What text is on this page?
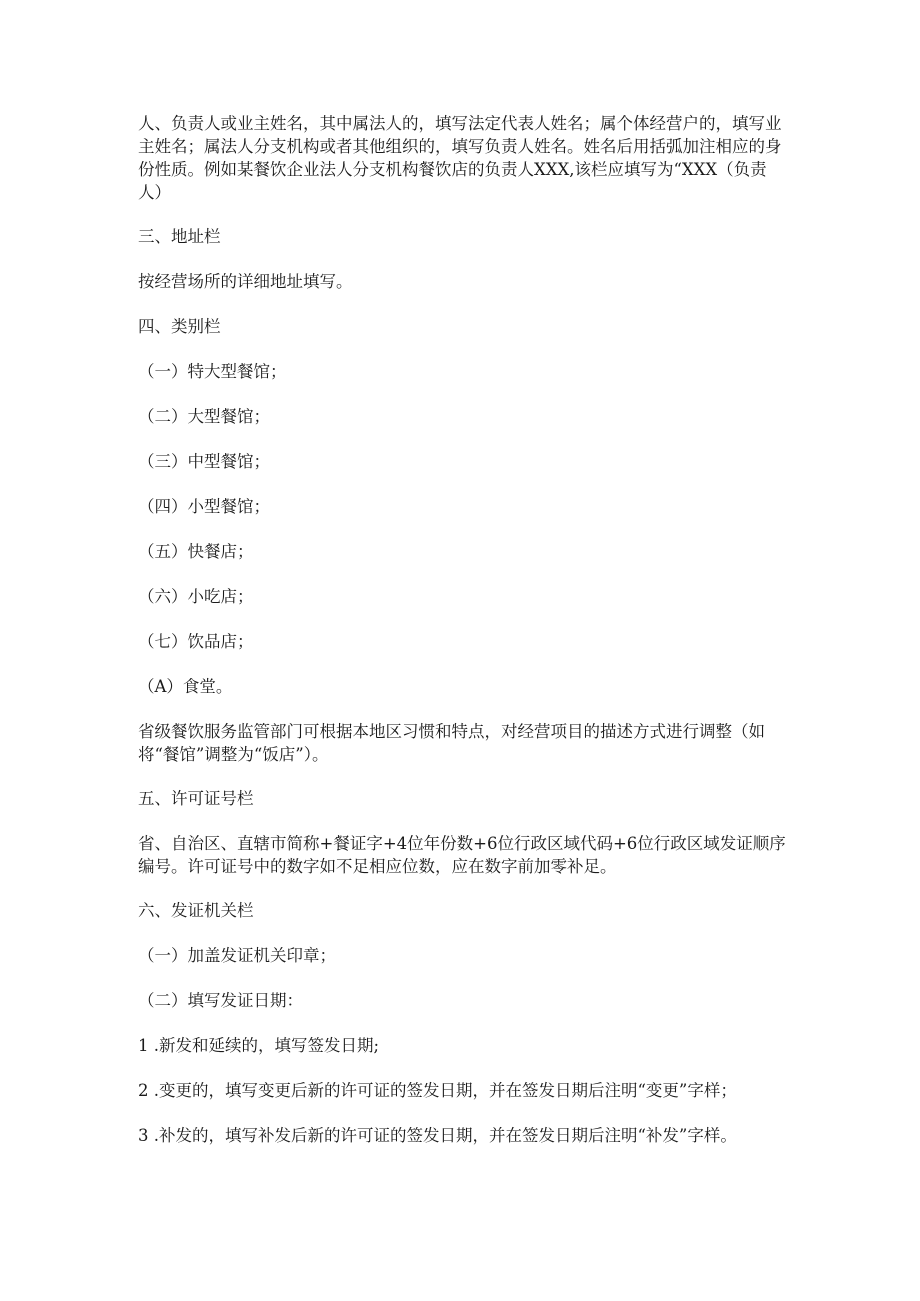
人、负责人或业主姓名，其中属法人的，填写法定代表人姓名；属个体经营户的，填写业主姓名；属法人分支机构或者其他组织的，填写负责人姓名。姓名后用括弧加注相应的身份性质。例如某餐饮企业法人分支机构餐饮店的负责人XXX,该栏应填写为“XXX（负责人）

三、地址栏

按经营场所的详细地址填写。

四、类别栏

（一）特大型餐馆；

（二）大型餐馆；

（三）中型餐馆；

（四）小型餐馆；

（五）快餐店；

（六）小吃店；

（七）饮品店；

（A）食堂。

省级餐饮服务监管部门可根据本地区习惯和特点，对经营项目的描述方式进行调整（如将“餐馆”调整为“饭店”）。

五、许可证号栏

省、自治区、直辖市简称+餐证字+4位年份数+6位行政区域代码+6位行政区域发证顺序编号。许可证号中的数字如不足相应位数，应在数字前加零补足。

六、发证机关栏

（一）加盖发证机关印章；

（二）填写发证日期：

1 .新发和延续的，填写签发日期;

2 .变更的，填写变更后新的许可证的签发日期，并在签发日期后注明“变更”字样；

3 .补发的，填写补发后新的许可证的签发日期，并在签发日期后注明“补发”字样。
